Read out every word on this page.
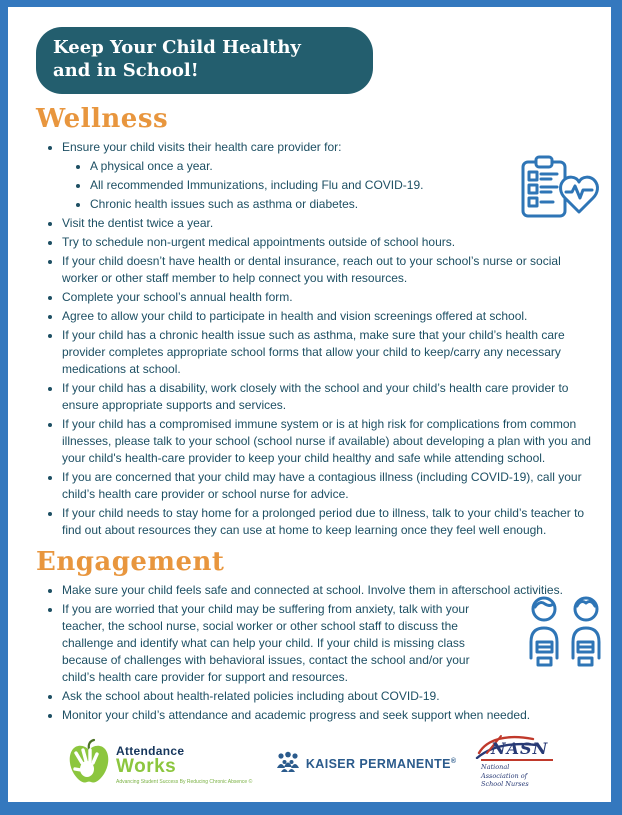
Keep Your Child Healthy
and in School!
Wellness
• Ensure your child visits their health care provider for:
• A physical once a year.
• All recommended Immunizations, including Flu and COVID-19.
• Chronic health issues such as asthma or diabetes.
• Visit the dentist twice a year.
• Try to schedule non-urgent medical appointments outside of school hours.
• If your child doesn’t have health or dental insurance, reach out to your school’s nurse or social worker or other staff member to help connect you with resources.
• Complete your school’s annual health form.
• Agree to allow your child to participate in health and vision screenings offered at school.
• If your child has a chronic health issue such as asthma, make sure that your child’s health care provider completes appropriate school forms that allow your child to keep/carry any necessary medications at school.
• If your child has a disability, work closely with the school and your child’s health care provider to ensure appropriate supports and services.
• If your child has a compromised immune system or is at high risk for complications from common illnesses, please talk to your school (school nurse if available) about developing a plan with you and your child's health-care provider to keep your child healthy and safe while attending school.
• If you are concerned that your child may have a contagious illness (including COVID-19), call your child’s health care provider or school nurse for advice.
• If your child needs to stay home for a prolonged period due to illness, talk to your child’s teacher to find out about resources they can use at home to keep learning once they feel well enough.
Engagement
• Make sure your child feels safe and connected at school. Involve them in afterschool activities.
• If you are worried that your child may be suffering from anxiety, talk with your teacher, the school nurse, social worker or other school staff to discuss the challenge and identify what can help your child. If your child is missing class because of challenges with behavioral issues, contact the school and/or your child’s health care provider for support and resources.
• Ask the school about health-related policies including about COVID-19.
• Monitor your child’s attendance and academic progress and seek support when needed.
Attendance
Works
Advancing Student Success By Reducing Chronic Absence ©
KAISER PERMANENTE®
NASN
National Association of School Nurses
